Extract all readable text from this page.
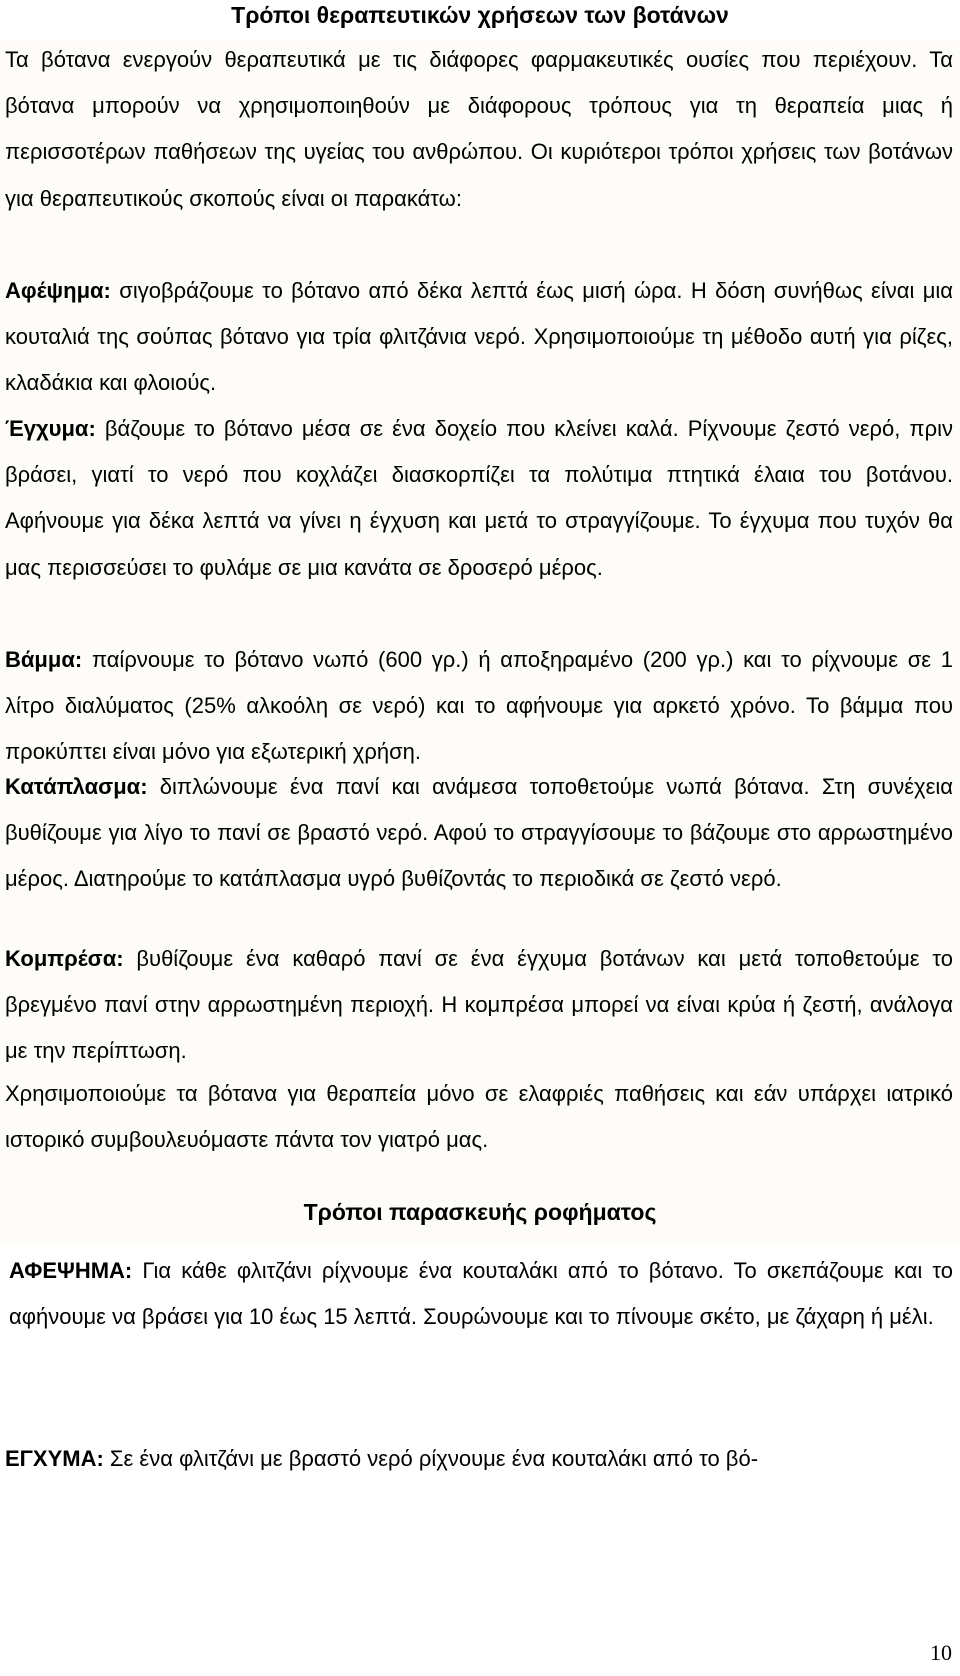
Τρόποι θεραπευτικών χρήσεων των βοτάνων
Τα βότανα ενεργούν θεραπευτικά με τις διάφορες φαρμακευτικές ουσίες που περιέχουν. Τα βότανα μπορούν να χρησιμοποιηθούν με διάφορους τρόπους για τη θεραπεία μιας ή περισσοτέρων παθήσεων της υγείας του ανθρώπου. Οι κυριότεροι τρόποι χρήσεις των βοτάνων για θεραπευτικούς σκοπούς είναι οι παρακάτω:
Αφέψημα: σιγοβράζουμε το βότανο από δέκα λεπτά έως μισή ώρα. Η δόση συνήθως είναι μια κουταλιά της σούπας βότανο για τρία φλιτζάνια νερό. Χρησιμοποιούμε τη μέθοδο αυτή για ρίζες, κλαδάκια και φλοιούς.
Έγχυμα: βάζουμε το βότανο μέσα σε ένα δοχείο που κλείνει καλά. Ρίχνουμε ζεστό νερό, πριν βράσει, γιατί το νερό που κοχλάζει διασκορπίζει τα πολύτιμα πτητικά έλαια του βοτάνου. Αφήνουμε για δέκα λεπτά να γίνει η έγχυση και μετά το στραγγίζουμε. Το έγχυμα που τυχόν θα μας περισσεύσει το φυλάμε σε μια κανάτα σε δροσερό μέρος.
Βάμμα: παίρνουμε το βότανο νωπό (600 γρ.) ή αποξηραμένο (200 γρ.) και το ρίχνουμε σε 1 λίτρο διαλύματος (25% αλκοόλη σε νερό) και το αφήνουμε για αρκετό χρόνο. Το βάμμα που προκύπτει είναι μόνο για εξωτερική χρήση.
Κατάπλασμα: διπλώνουμε ένα πανί και ανάμεσα τοποθετούμε νωπά βότανα. Στη συνέχεια βυθίζουμε για λίγο το πανί σε βραστό νερό. Αφού το στραγγίσουμε το βάζουμε στο αρρωστημένο μέρος. Διατηρούμε το κατάπλασμα υγρό βυθίζοντάς το περιοδικά σε ζεστό νερό.
Κομπρέσα: βυθίζουμε ένα καθαρό πανί σε ένα έγχυμα βοτάνων και μετά τοποθετούμε το βρεγμένο πανί στην αρρωστημένη περιοχή. Η κομπρέσα μπορεί να είναι κρύα ή ζεστή, ανάλογα με την περίπτωση.
Χρησιμοποιούμε τα βότανα για θεραπεία μόνο σε ελαφριές παθήσεις και εάν υπάρχει ιατρικό ιστορικό συμβουλευόμαστε πάντα τον γιατρό μας.
Τρόποι παρασκευής ροφήματος
ΑΦΕΨΗΜΑ: Για κάθε φλιτζάνι ρίχνουμε ένα κουταλάκι από το βότανο. Το σκεπάζουμε και το αφήνουμε να βράσει για 10 έως 15 λεπτά. Σουρώνουμε και το πίνουμε σκέτο, με ζάχαρη ή μέλι.
ΕΓΧΥΜΑ: Σε ένα φλιτζάνι με βραστό νερό ρίχνουμε ένα κουταλάκι από το βό-
10
